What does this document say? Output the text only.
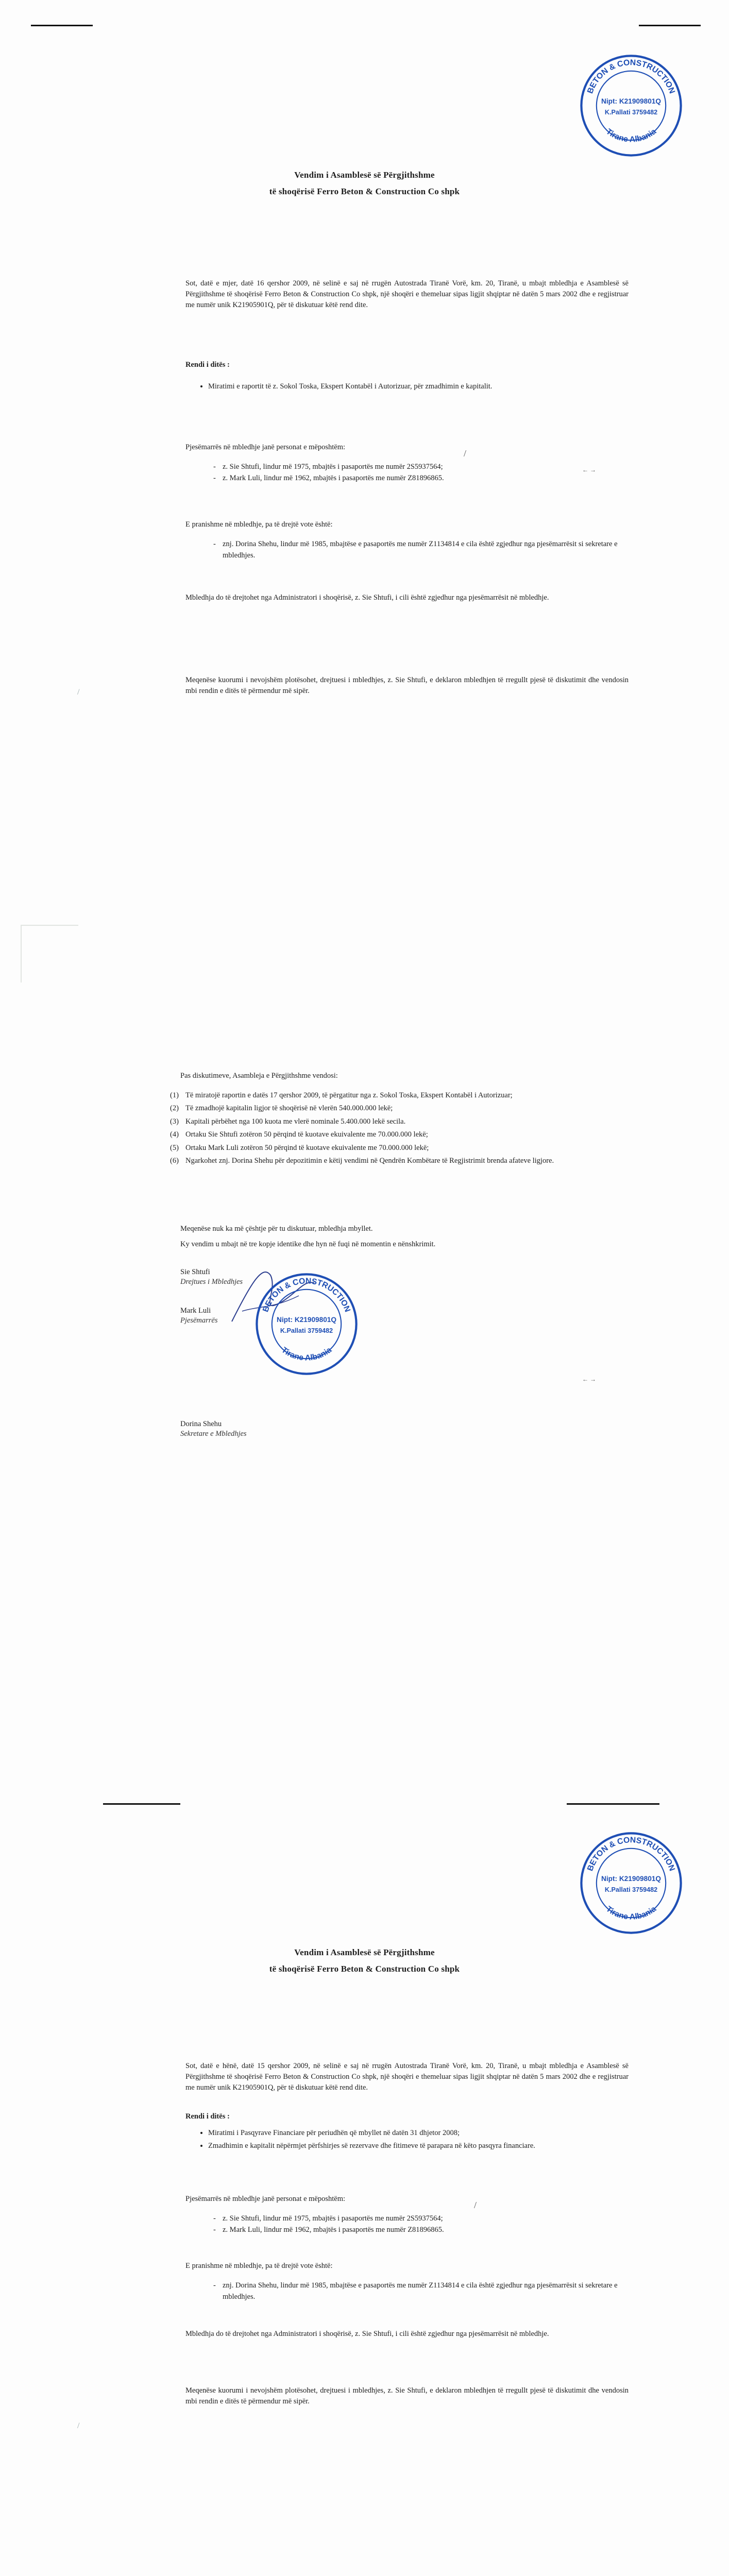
BETON & CONSTRUCTION
Tirane Albania
Nipt: K21909801Q
K.Pallati 3759482
Vendim i Asamblesë së Përgjithshme
të shoqërisë Ferro Beton & Construction Co shpk

Sot, datë e mjer, datë 16 qershor 2009, në selinë e saj në rrugën Autostrada Tiranë Vorë, km. 20, Tiranë, u mbajt mbledhja e Asamblesë së Përgjithshme të shoqërisë Ferro Beton & Construction Co shpk, një shoqëri e themeluar sipas ligjit shqiptar në datën 5 mars 2002 dhe e regjistruar me numër unik K21905901Q, për të diskutuar këtë rend dite.

Rendi i ditës :
• Miratimi e raportit të z. Sokol Toska, Ekspert Kontabël i Autorizuar, për zmadhimin e kapitalit.
Pjesëmarrës në mbledhje janë personat e mëposhtëm:
- z. Sie Shtufi, lindur më 1975, mbajtës i pasaportës me numër 2S5937564;
- z. Mark Luli, lindur më 1962, mbajtës i pasaportës me numër Z81896865.
← →
/
E pranishme në mbledhje, pa të drejtë vote është:
- znj. Dorina Shehu, lindur më 1985, mbajtëse e pasaportës me numër Z1134814 e cila është zgjedhur nga pjesëmarrësit si sekretare e mbledhjes.

Mbledhja do të drejtohet nga Administratori i shoqërisë, z. Sie Shtufi, i cili është zgjedhur nga pjesëmarrësit në mbledhje.

Meqenëse kuorumi i nevojshëm plotësohet, drejtuesi i mbledhjes, z. Sie Shtufi, e deklaron mbledhjen të rregullt pjesë të diskutimit dhe vendosin mbi rendin e ditës të përmendur më sipër.

/
Pas diskutimeve, Asambleja e Përgjithshme vendosi:
(1) Të miratojë raportin e datës 17 qershor 2009, të përgatitur nga z. Sokol Toska, Ekspert Kontabël i Autorizuar;
(2) Të zmadhojë kapitalin ligjor të shoqërisë në vlerën 540.000.000 lekë;
(3) Kapitali përbëhet nga 100 kuota me vlerë nominale 5.400.000 lekë secila.
(4) Ortaku Sie Shtufi zotëron 50 përqind të kuotave ekuivalente me 70.000.000 lekë;
(5) Ortaku Mark Luli zotëron 50 përqind të kuotave ekuivalente me 70.000.000 lekë;
(6) Ngarkohet znj. Dorina Shehu për depozitimin e këtij vendimi në Qendrën Kombëtare të Regjistrimit brenda afateve ligjore.

Meqenëse nuk ka më çështje për tu diskutuar, mbledhja mbyllet.

Ky vendim u mbajt në tre kopje identike dhe hyn në fuqi në momentin e nënshkrimit.

Sie Shtufi
Drejtues i Mbledhjes
Mark Luli
Pjesëmarrës
Dorina Shehu
Sekretare e Mbledhjes
BETON & CONSTRUCTION
Tirane Albania
Nipt: K21909801Q
K.Pallati 3759482
← →
BETON & CONSTRUCTION
Tirane Albania
Nipt: K21909801Q
K.Pallati 3759482
Vendim i Asamblesë së Përgjithshme
të shoqërisë Ferro Beton & Construction Co shpk

Sot, datë e hënë, datë 15 qershor 2009, në selinë e saj në rrugën Autostrada Tiranë Vorë, km. 20, Tiranë, u mbajt mbledhja e Asamblesë së Përgjithshme të shoqërisë Ferro Beton & Construction Co shpk, një shoqëri e themeluar sipas ligjit shqiptar në datën 5 mars 2002 dhe e regjistruar me numër unik K21905901Q, për të diskutuar këtë rend dite.

Rendi i ditës :
• Miratimi i Pasqyrave Financiare për periudhën që mbyllet në datën 31 dhjetor 2008;
• Zmadhimin e kapitalit nëpërmjet përfshirjes së rezervave dhe fitimeve të parapara në këto pasqyra financiare.
Pjesëmarrës në mbledhje janë personat e mëposhtëm:
- z. Sie Shtufi, lindur më 1975, mbajtës i pasaportës me numër 2S5937564;
- z. Mark Luli, lindur më 1962, mbajtës i pasaportës me numër Z81896865.
/
E pranishme në mbledhje, pa të drejtë vote është:
- znj. Dorina Shehu, lindur më 1985, mbajtëse e pasaportës me numër Z1134814 e cila është zgjedhur nga pjesëmarrësit si sekretare e mbledhjes.

Mbledhja do të drejtohet nga Administratori i shoqërisë, z. Sie Shtufi, i cili është zgjedhur nga pjesëmarrësit në mbledhje.

Meqenëse kuorumi i nevojshëm plotësohet, drejtuesi i mbledhjes, z. Sie Shtufi, e deklaron mbledhjen të rregullt pjesë të diskutimit dhe vendosin mbi rendin e ditës të përmendur më sipër.

/
